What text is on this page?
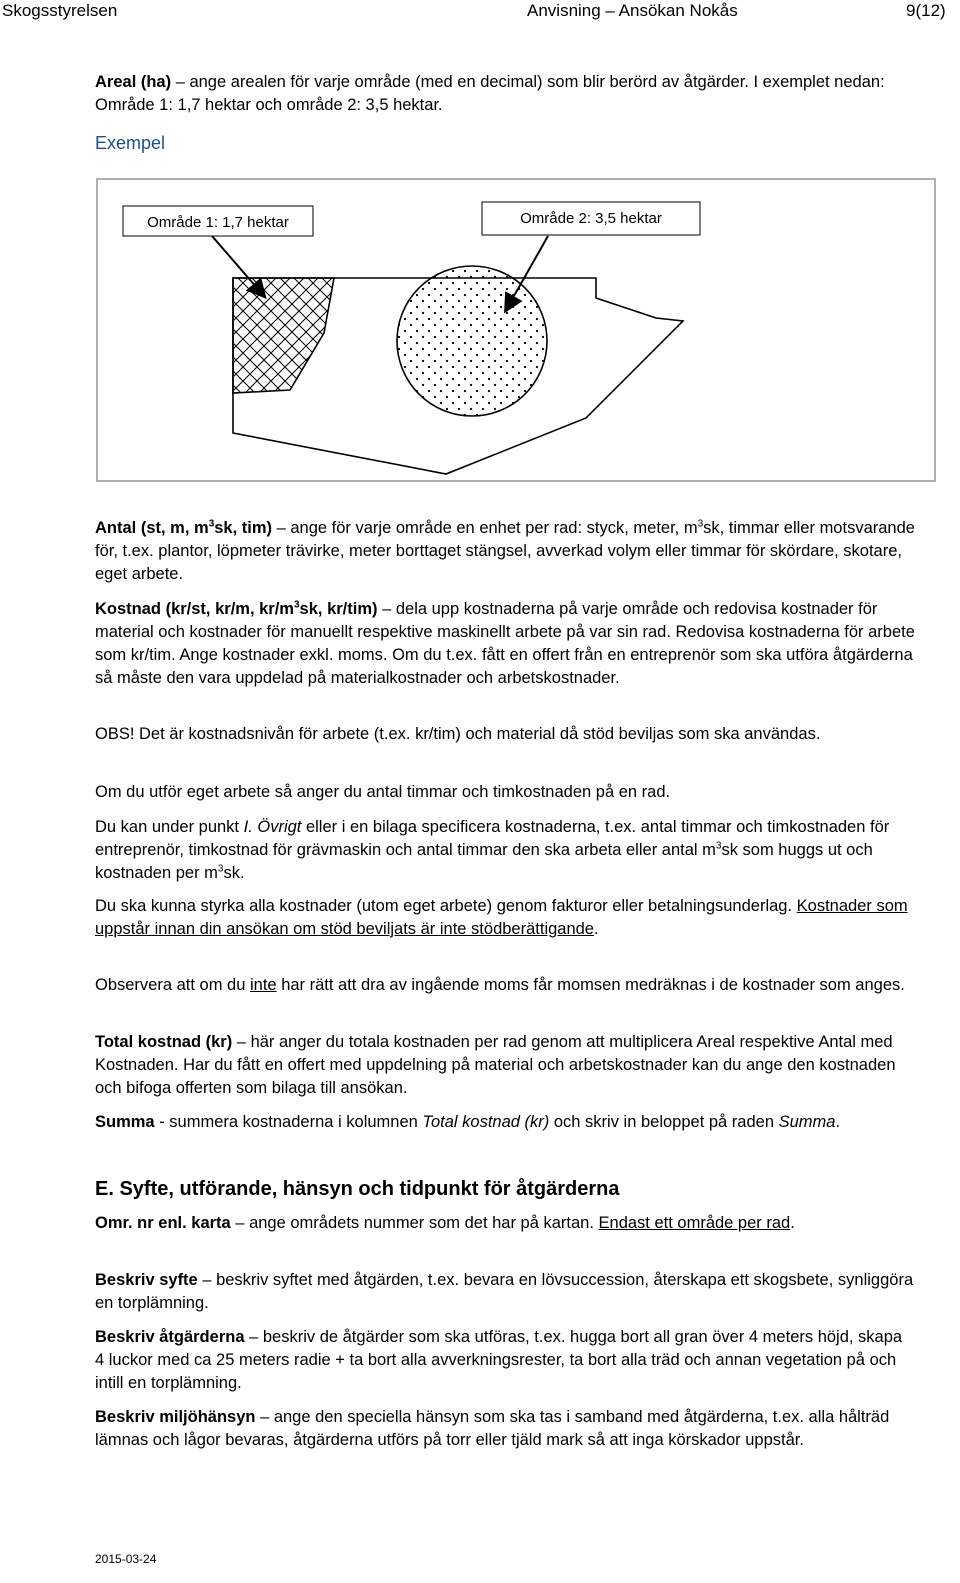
Skogsstyrelsen	Anvisning – Ansökan Nokås	9(12)

Areal (ha) – ange arealen för varje område (med en decimal) som blir berörd av åtgärder. I exemplet nedan: Område 1: 1,7 hektar och område 2: 3,5 hektar.

Exempel
Område 1: 1,7 hektar	Område 2: 3,5 hektar

Antal (st, m, $m^3sk$, tim) – ange för varje område en enhet per rad: styck, meter, $m^3sk$, timmar eller motsvarande för, t.ex. plantor, löpmeter trävirke, meter borttaget stängsel, avverkad volym eller timmar för skördare, skotare, eget arbete.

Kostnad (kr/st, kr/m, $kr/m^3sk$, kr/tim) – dela upp kostnaderna på varje område och redovisa kostnader för material och kostnader för manuellt respektive maskinellt arbete på var sin rad. Redovisa kostnaderna för arbete som kr/tim. Ange kostnader exkl. moms. Om du t.ex. fått en offert från en entreprenör som ska utföra åtgärderna så måste den vara uppdelad på materialkostnader och arbetskostnader.

OBS! Det är kostnadsnivån för arbete (t.ex. kr/tim) och material då stöd beviljas som ska användas.
Om du utför eget arbete så anger du antal timmar och timkostnaden på en rad.

Du kan under punkt I. Övrigt eller i en bilaga specificera kostnaderna, t.ex. antal timmar och timkostnaden för entreprenör, timkostnad för grävmaskin och antal timmar den ska arbeta eller antal $m^3sk$ som huggs ut och kostnaden per $m^3sk$.

Du ska kunna styrka alla kostnader (utom eget arbete) genom fakturor eller betalningsunderlag. Kostnader som uppstår innan din ansökan om stöd beviljats är inte stödberättigande.

Observera att om du inte har rätt att dra av ingående moms får momsen medräknas i de kostnader som anges.

Total kostnad (kr) – här anger du totala kostnaden per rad genom att multiplicera Areal respektive Antal med Kostnaden. Har du fått en offert med uppdelning på material och arbetskostnader kan du ange den kostnaden och bifoga offerten som bilaga till ansökan.

Summa - summera kostnaderna i kolumnen Total kostnad (kr) och skriv in beloppet på raden Summa.

E. Syfte, utförande, hänsyn och tidpunkt för åtgärderna

Omr. nr enl. karta – ange områdets nummer som det har på kartan. Endast ett område per rad.

Beskriv syfte – beskriv syftet med åtgärden, t.ex. bevara en lövsuccession, återskapa ett skogsbete, synliggöra en torplämning.

Beskriv åtgärderna – beskriv de åtgärder som ska utföras, t.ex. hugga bort all gran över 4 meters höjd, skapa 4 luckor med ca 25 meters radie + ta bort alla avverkningsrester, ta bort alla träd och annan vegetation på och intill en torplämning.

Beskriv miljöhänsyn – ange den speciella hänsyn som ska tas i samband med åtgärderna, t.ex. alla hålträd lämnas och lågor bevaras, åtgärderna utförs på torr eller tjäld mark så att inga körskador uppstår.

2015-03-24
